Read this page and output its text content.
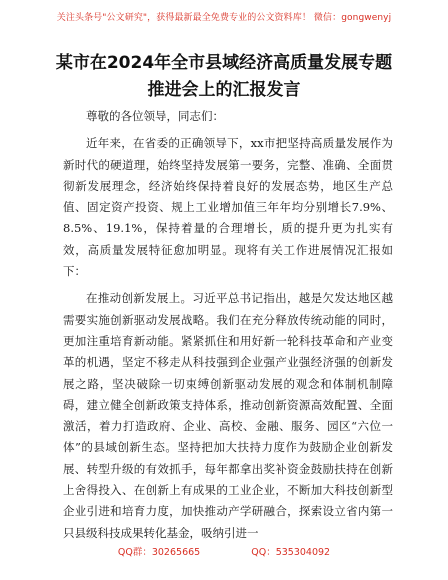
关注头条号"公文研究"，获得最新最全免费专业的公文资料库！ 微信：gongwenyj
某市在2024年全市县域经济高质量发展专题推进会上的汇报发言

尊敬的各位领导，同志们：

近年来，在省委的正确领导下，xx市把坚持高质量发展作为新时代的硬道理，始终坚持发展第一要务，完整、准确、全面贯彻新发展理念，经济始终保持着良好的发展态势，地区生产总值、固定资产投资、规上工业增加值三年年均分别增长7.9%、8.5%、19.1%，保持着量的合理增长，质的提升更为扎实有效，高质量发展特征愈加明显。现将有关工作进展情况汇报如下：

在推动创新发展上。习近平总书记指出，越是欠发达地区越需要实施创新驱动发展战略。我们在充分释放传统动能的同时，更加注重培育新动能。紧紧抓住和用好新一轮科技革命和产业变革的机遇，坚定不移走从科技强到企业强产业强经济强的创新发展之路，坚决破除一切束缚创新驱动发展的观念和体制机制障碍，建立健全创新政策支持体系，推动创新资源高效配置、全面激活，着力打造政府、企业、高校、金融、服务、园区“六位一体”的县域创新生态。坚持把加大扶持力度作为鼓励企业创新发展、转型升级的有效抓手，每年都拿出奖补资金鼓励扶持在创新上舍得投入、在创新上有成果的工业企业，不断加大科技创新型企业引进和培育力度，加快推动产学研融合，探索设立省内第一只县级科技成果转化基金，吸纳引进一

QQ群：30265665	QQ：535304092
